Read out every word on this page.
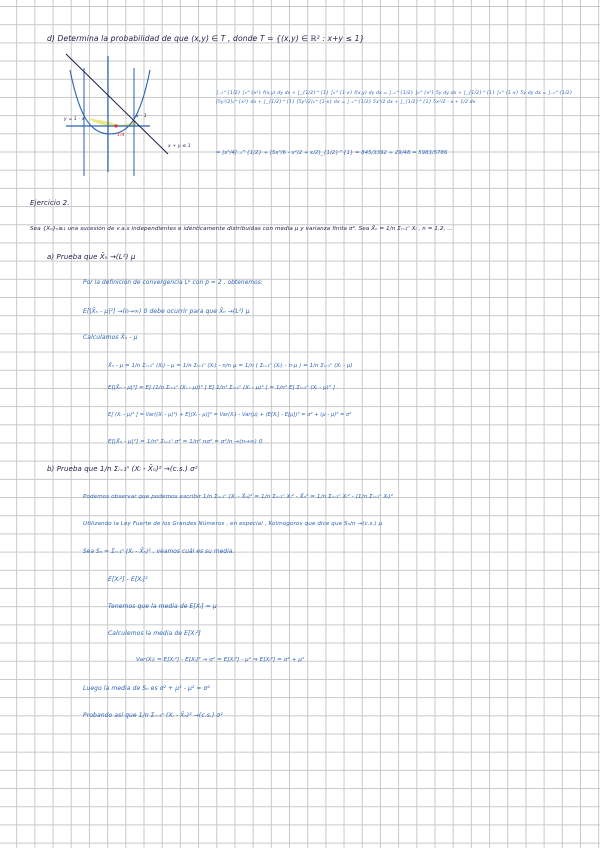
d) Determina la probabilidad de que (x,y) ∈ T , donde T = {(x,y) ∈ ℝ² : x+y ≤ 1}
y = 1 - x
x - 1
1/4
x + y ≤ 1
∫₋₁^{1/2} ∫₀^{x²} f(x,y) dy dx + ∫_{1/2}^{1} ∫₀^{1-x} f(x,y) dy dx = ∫₋₁^{1/2} ∫₀^{x²} 5y dy dx + ∫_{1/2}^{1} ∫₀^{1-x} 5y dy dx = ∫₋₁^{1/2} [5y²/2]₀^{x²} dx + ∫_{1/2}^{1} [5y²/2]₀^{1-x} dx = ∫₋₁^{1/2} 5x⁴/2 dx + ∫_{1/2}^{1} 5x²/2 - x + 1/2 dx
= [x⁵/4]₋₁^{1/2} + [5x³/6 - x²/2 + x/2]_{1/2}^{1} = 845/3392 + 29/48 = 5983/5786
Ejercicio 2.
Sea {Xₙ}ₙ≥₁ una sucesión de v.a.s independientes e idénticamente distribuidas con media μ y varianza finita σ². Sea X̄ₙ = 1/n Σᵢ₌₁ⁿ Xᵢ , n = 1,2, ...
a) Prueba que X̄ₙ →(L²) μ
Por la definición de convergencia Lᵖ con p = 2 , obtenemos:
E[|X̄ₙ - μ|²] →(n→∞) 0 debe ocurrir para que X̄ₙ →(L²) μ
Calculamos X̄ₙ - μ
X̄ₙ - μ = 1/n Σᵢ₌₁ⁿ (Xᵢ) - μ = 1/n Σᵢ₌₁ⁿ (Xᵢ) - n/n μ = 1/n ( Σᵢ₌₁ⁿ (Xᵢ) - n·μ ) = 1/n Σᵢ₌₁ⁿ (Xᵢ - μ)
E[|X̄ₙ - μ|²] = E[ (1/n Σᵢ₌₁ⁿ (Xᵢ - μ))² ] E[ 1/n² Σᵢ₌₁ⁿ (Xᵢ - μ)² ] = 1/n² E[ Σᵢ₌₁ⁿ (Xᵢ - μ)² ]
E[ (Xᵢ - μ)² ] = Var((Xᵢ - μ)²) + E[(Xᵢ - μ)]² = Var(Xᵢ) - Var(μ) + (E[Xᵢ] - E[μ])² = σ² + (μ - μ)² = σ²
E[|X̄ₙ - μ|²] = 1/n² Σᵢ₌₁ⁿ σ² = 1/n² nσ² = σ²/n →(n→∞) 0
b) Prueba que 1/n Σᵢ₌₁ⁿ (Xᵢ - X̄ₙ)² →(c.s.) σ²
Podemos observar que podemos escribir 1/n Σᵢ₌₁ⁿ (Xᵢ - X̄ₙ)² = 1/n Σᵢ₌₁ⁿ Xᵢ² - X̄ₙ² = 1/n Σᵢ₌₁ⁿ Xᵢ² - (1/n Σᵢ₌₁ⁿ Xᵢ)²
Utilizando la Ley Fuerte de los Grandes Números , en especial , Kolmogorov que dice que Sₙ/n →(c.s.) μ
Sea Sₙ = Σᵢ₌₁ⁿ (Xᵢ - X̄ₙ)² , veamos cuál es su media.
E[Xᵢ²] - E[Xᵢ]²
Tenemos que la media de E[Xᵢ] = μ
Calculemos la media de E[Xᵢ²]
Var(Xᵢ) = E[Xᵢ²] - E[Xᵢ]² → σ² = E[Xᵢ²] - μ² ⇒ E[Xᵢ²] = σ² + μ²
Luego la media de Sₙ es σ² + μ² - μ² = σ²
Probando así que 1/n Σᵢ₌₁ⁿ (Xᵢ - X̄ₙ)² →(c.s.) σ²
